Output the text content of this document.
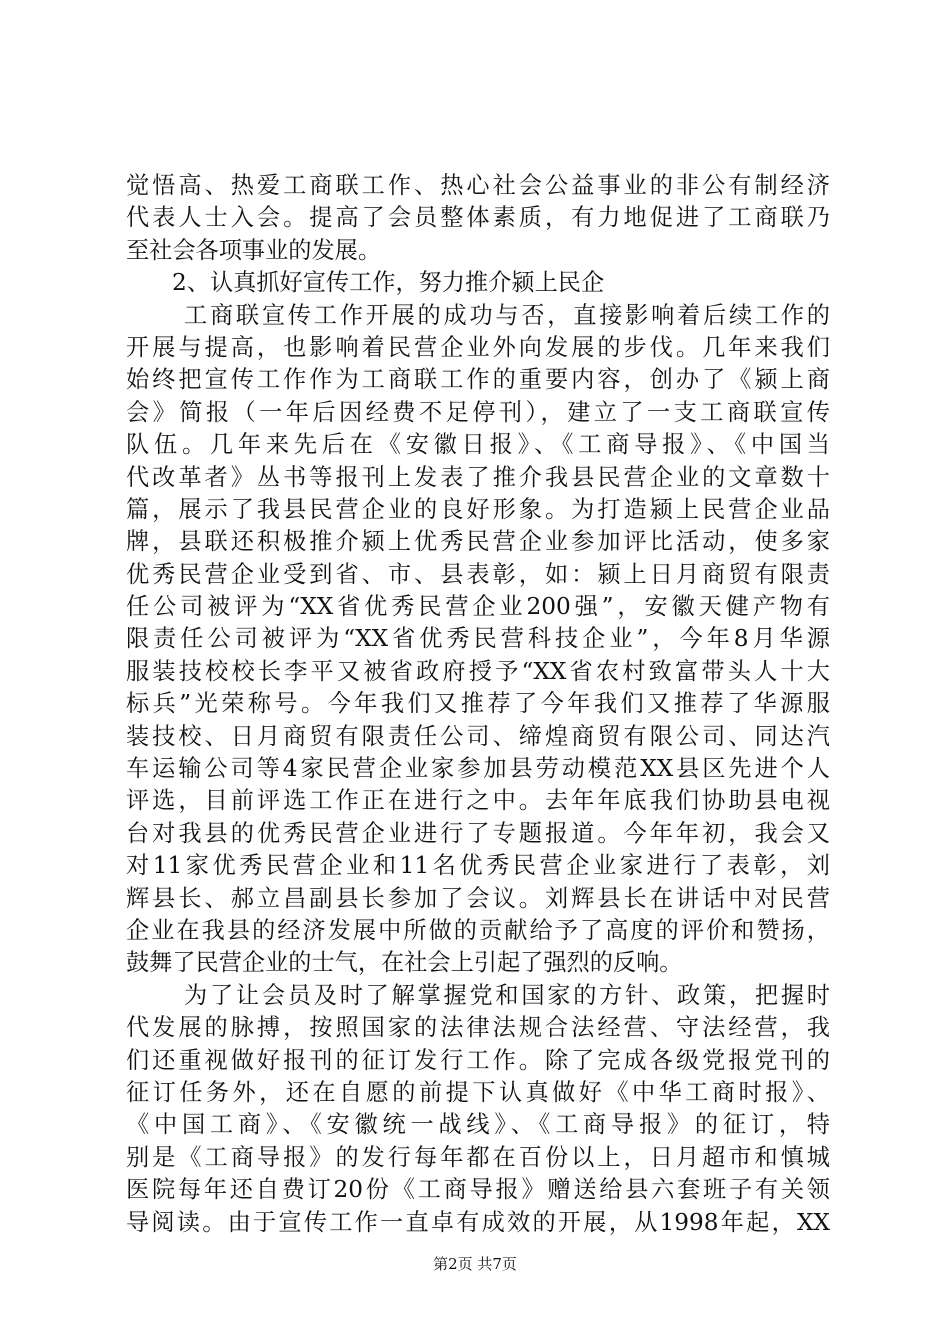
觉悟高、热爱工商联工作、热心社会公益事业的非公有制经济
代表人士入会。提高了会员整体素质，有力地促进了工商联乃
至社会各项事业的发展。
2、认真抓好宣传工作，努力推介颍上民企
工商联宣传工作开展的成功与否，直接影响着后续工作的
开展与提高，也影响着民营企业外向发展的步伐。几年来我们
始终把宣传工作作为工商联工作的重要内容，创办了《颍上商
会》简报（一年后因经费不足停刊），建立了一支工商联宣传
队伍。几年来先后在《安徽日报》、《工商导报》、《中国当
代改革者》丛书等报刊上发表了推介我县民营企业的文章数十
篇，展示了我县民营企业的良好形象。为打造颍上民营企业品
牌，县联还积极推介颍上优秀民营企业参加评比活动，使多家
优秀民营企业受到省、市、县表彰，如：颍上日月商贸有限责
任公司被评为“XX省优秀民营企业200强”，安徽天健产物有
限责任公司被评为“XX省优秀民营科技企业”，今年8月华源
服装技校校长李平又被省政府授予“XX省农村致富带头人十大
标兵”光荣称号。今年我们又推荐了今年我们又推荐了华源服
装技校、日月商贸有限责任公司、缔煌商贸有限公司、同达汽
车运输公司等4家民营企业家参加县劳动模范XX县区先进个人
评选，目前评选工作正在进行之中。去年年底我们协助县电视
台对我县的优秀民营企业进行了专题报道。今年年初，我会又
对11家优秀民营企业和11名优秀民营企业家进行了表彰，刘
辉县长、郝立昌副县长参加了会议。刘辉县长在讲话中对民营
企业在我县的经济发展中所做的贡献给予了高度的评价和赞扬，
鼓舞了民营企业的士气，在社会上引起了强烈的反响。
为了让会员及时了解掌握党和国家的方针、政策，把握时
代发展的脉搏，按照国家的法律法规合法经营、守法经营，我
们还重视做好报刊的征订发行工作。除了完成各级党报党刊的
征订任务外，还在自愿的前提下认真做好《中华工商时报》、
《中国工商》、《安徽统一战线》、《工商导报》的征订，特
别是《工商导报》的发行每年都在百份以上，日月超市和慎城
医院每年还自费订20份《工商导报》赠送给县六套班子有关领
导阅读。由于宣传工作一直卓有成效的开展，从1998年起，XX
第2页 共7页
